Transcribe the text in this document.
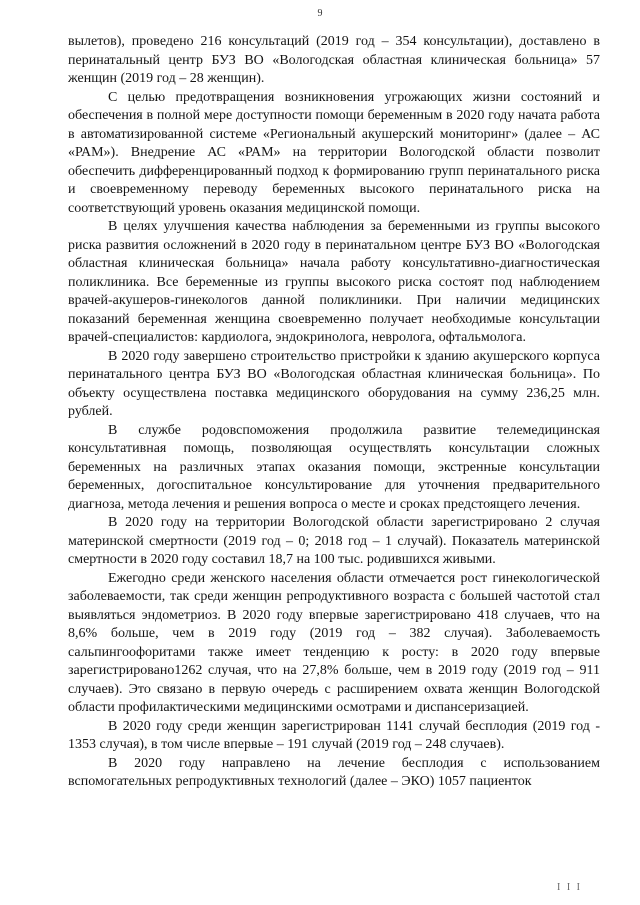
9

вылетов), проведено 216 консультаций (2019 год – 354 консультации), доставлено в перинатальный центр БУЗ ВО «Вологодская областная клиническая больница» 57 женщин (2019 год – 28 женщин).

С целью предотвращения возникновения угрожающих жизни состояний и обеспечения в полной мере доступности помощи беременным в 2020 году начата работа в автоматизированной системе «Региональный акушерский мониторинг» (далее – АС «РАМ»). Внедрение АС «РАМ» на территории Вологодской области позволит обеспечить дифференцированный подход к формированию групп перинатального риска и своевременному переводу беременных высокого перинатального риска на соответствующий уровень оказания медицинской помощи.

В целях улучшения качества наблюдения за беременными из группы высокого риска развития осложнений в 2020 году в перинатальном центре БУЗ ВО «Вологодская областная клиническая больница» начала работу консультативно-диагностическая поликлиника. Все беременные из группы высокого риска состоят под наблюдением врачей-акушеров-гинекологов данной поликлиники. При наличии медицинских показаний беременная женщина своевременно получает необходимые консультации врачей-специалистов: кардиолога, эндокринолога, невролога, офтальмолога.

В 2020 году завершено строительство пристройки к зданию акушерского корпуса перинатального центра БУЗ ВО «Вологодская областная клиническая больница». По объекту осуществлена поставка медицинского оборудования на сумму 236,25 млн. рублей.

В службе родовспоможения продолжила развитие телемедицинская консультативная помощь, позволяющая осуществлять консультации сложных беременных на различных этапах оказания помощи, экстренные консультации беременных, догоспитальное консультирование для уточнения предварительного диагноза, метода лечения и решения вопроса о месте и сроках предстоящего лечения.

В 2020 году на территории Вологодской области зарегистрировано 2 случая материнской смертности (2019 год – 0; 2018 год – 1 случай). Показатель материнской смертности в 2020 году составил 18,7 на 100 тыс. родившихся живыми.

Ежегодно среди женского населения области отмечается рост гинекологической заболеваемости, так среди женщин репродуктивного возраста с большей частотой стал выявляться эндометриоз. В 2020 году впервые зарегистрировано 418 случаев, что на 8,6% больше, чем в 2019 году (2019 год – 382 случая). Заболеваемость сальпингоофоритами также имеет тенденцию к росту: в 2020 году впервые зарегистрировано1262 случая, что на 27,8% больше, чем в 2019 году (2019 год – 911 случаев). Это связано в первую очередь с расширением охвата женщин Вологодской области профилактическими медицинскими осмотрами и диспансеризацией.

В 2020 году среди женщин зарегистрирован 1141 случай бесплодия (2019 год - 1353 случая), в том числе впервые – 191 случай (2019 год – 248 случаев).

В 2020 году направлено на лечение бесплодия с использованием вспомогательных репродуктивных технологий (далее – ЭКО) 1057 пациенток

I I I
